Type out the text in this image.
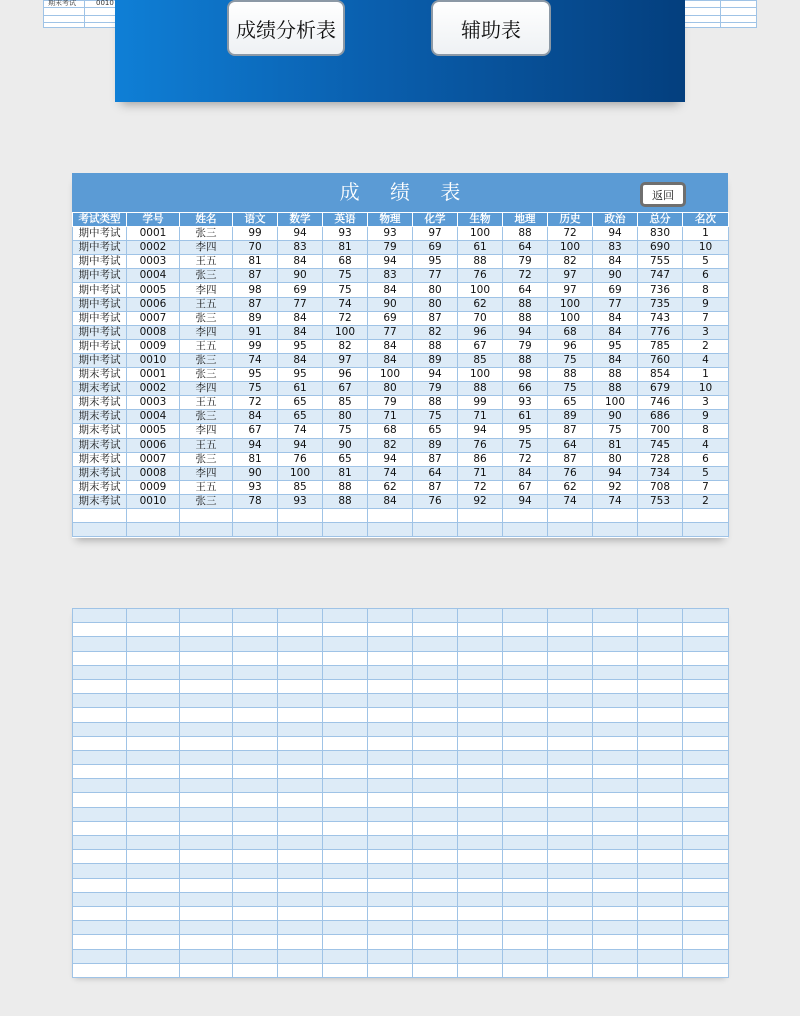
期末考试	0010
成绩分析表	辅助表
成 绩 表	返回
考试类型	学号	姓名	语文	数学	英语	物理	化学	生物	地理	历史	政治	总分	名次
期中考试	0001	张三	99	94	93	93	97	100	88	72	94	830	1
期中考试	0002	李四	70	83	81	79	69	61	64	100	83	690	10
期中考试	0003	王五	81	84	68	94	95	88	79	82	84	755	5
期中考试	0004	张三	87	90	75	83	77	76	72	97	90	747	6
期中考试	0005	李四	98	69	75	84	80	100	64	97	69	736	8
期中考试	0006	王五	87	77	74	90	80	62	88	100	77	735	9
期中考试	0007	张三	89	84	72	69	87	70	88	100	84	743	7
期中考试	0008	李四	91	84	100	77	82	96	94	68	84	776	3
期中考试	0009	王五	99	95	82	84	88	67	79	96	95	785	2
期中考试	0010	张三	74	84	97	84	89	85	88	75	84	760	4
期末考试	0001	张三	95	95	96	100	94	100	98	88	88	854	1
期末考试	0002	李四	75	61	67	80	79	88	66	75	88	679	10
期末考试	0003	王五	72	65	85	79	88	99	93	65	100	746	3
期末考试	0004	张三	84	65	80	71	75	71	61	89	90	686	9
期末考试	0005	李四	67	74	75	68	65	94	95	87	75	700	8
期末考试	0006	王五	94	94	90	82	89	76	75	64	81	745	4
期末考试	0007	张三	81	76	65	94	87	86	72	87	80	728	6
期末考试	0008	李四	90	100	81	74	64	71	84	76	94	734	5
期末考试	0009	王五	93	85	88	62	87	72	67	62	92	708	7
期末考试	0010	张三	78	93	88	84	76	92	94	74	74	753	2
